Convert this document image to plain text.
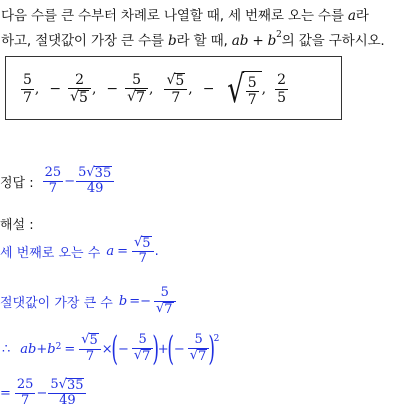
다음 수를 큰 수부터 차례로 나열할 때, 세 번째로 오는 수를 a라
하고, 절댓값이 가장 큰 수를 b라 할 때, ab + $b^2$의 값을 구하시오.
$\frac{5}{7}$ , − $\frac{2}{√ 5}$ , − $\frac{5}{√ 7}$ , $\frac{√ 5}{7}$ , − √ $\frac{5}{7}$ , $\frac{2}{5}$
정답 : $\frac{25}{7} - \frac{5 √ 35}{49}$
해설 :
세 번째로 오는 수 $a = \frac{√ 5}{7}$ .
절댓값이 가장 큰 수 $b =- \frac{5}{√ 7}$
∴ ab+b $2 = \frac{√ 5}{7}$ ×
( − $\frac{5}{√ 7}$ )
+
( − $\frac{5}{√ 7}$ )
2
= $\frac{25}{7} - \frac{5 √ 35}{49}$
